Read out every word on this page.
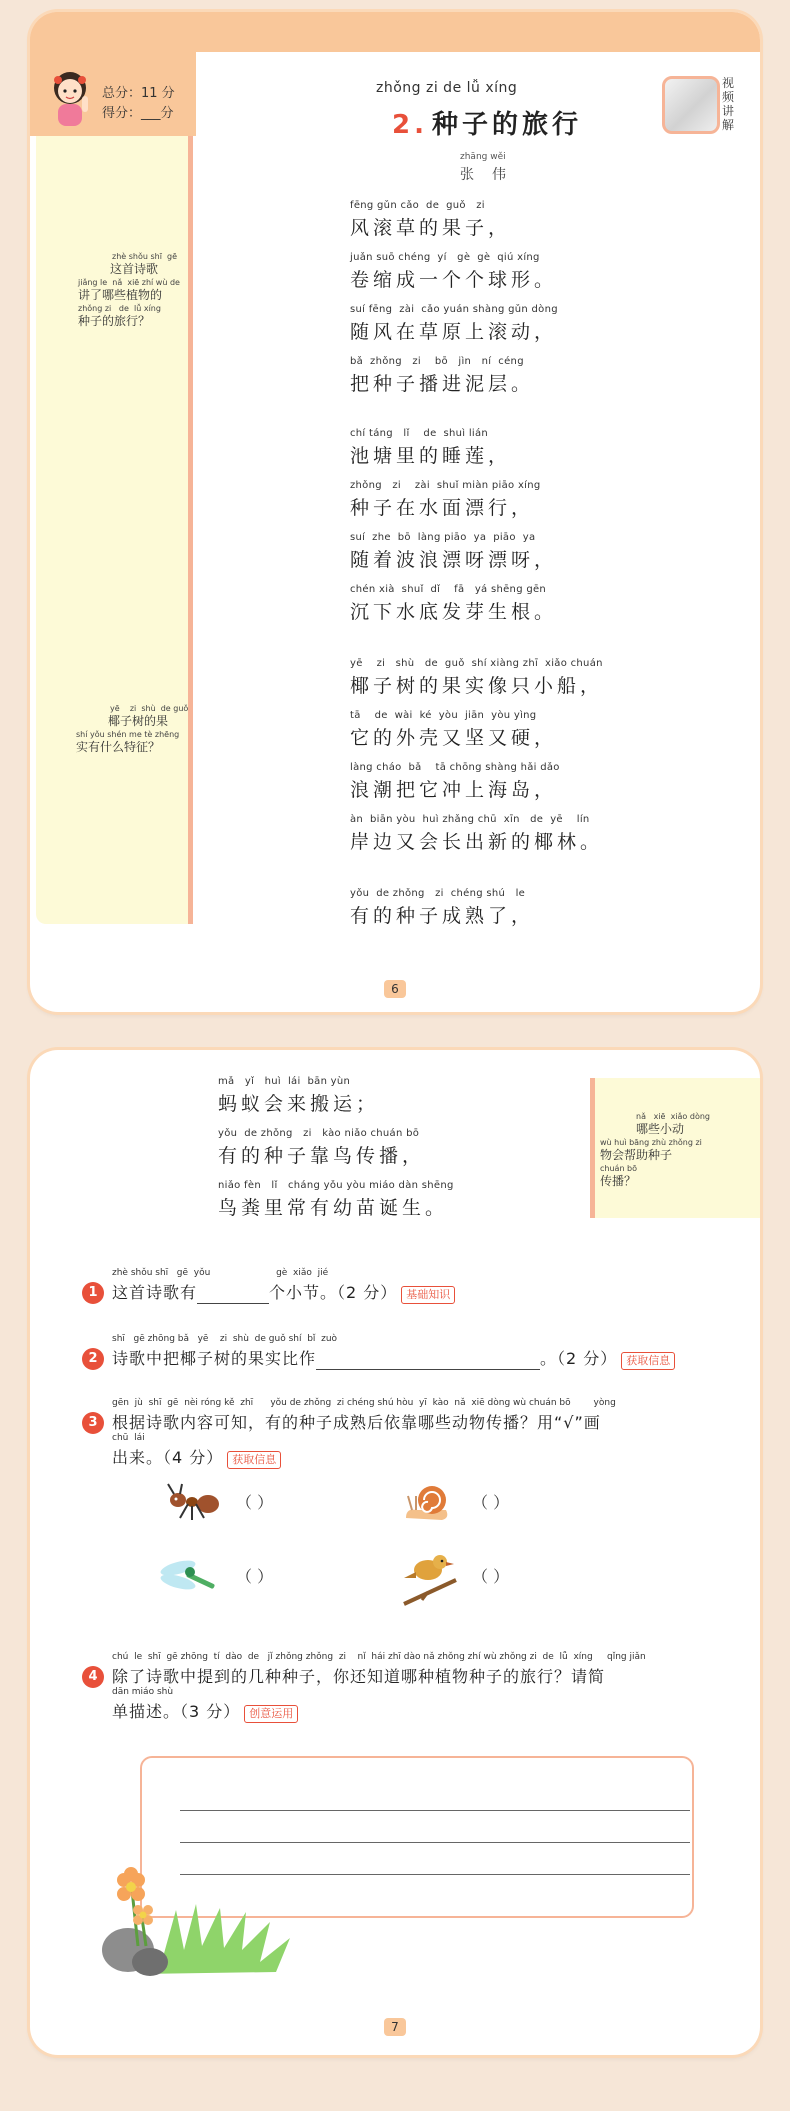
总分：11 分
得分：___分
zhè shǒu shī  gē
这首诗歌
jiǎng le  nǎ  xiē zhí wù de
讲了哪些植物的
zhǒng zi   de  lǚ xíng
种子的旅行？
yē    zi  shù  de guǒ
椰子树的果
shí yǒu shén me tè zhēng
实有什么特征？
zhǒng zi de lǚ xíng
2. 种子的旅行
zhāng wěi
张伟
视频讲解
fēng gǔn cǎo  de  guǒ   zi
风滚草的果子，
juǎn suō chéng  yí   gè  gè  qiú xíng
卷缩成一个个球形。
suí fēng  zài  cǎo yuán shàng gǔn dòng
随风在草原上滚动，
bǎ  zhǒng   zi    bō   jìn   ní  céng
把种子播进泥层。
chí táng   lǐ    de  shuì lián
池塘里的睡莲，
zhǒng   zi    zài  shuǐ miàn piāo xíng
种子在水面漂行，
suí  zhe  bō  làng piāo  ya  piāo  ya
随着波浪漂呀漂呀，
chén xià  shuǐ  dǐ    fā   yá shēng gēn
沉下水底发芽生根。
yē    zi   shù   de  guǒ  shí xiàng zhī  xiǎo chuán
椰子树的果实像只小船，
tā    de  wài  ké  yòu  jiān  yòu yìng
它的外壳又坚又硬，
làng cháo  bǎ    tā chōng shàng hǎi dǎo
浪潮把它冲上海岛，
àn  biān yòu  huì zhǎng chū  xīn   de  yē    lín
岸边又会长出新的椰林。
yǒu  de zhǒng   zi  chéng shú   le
有的种子成熟了，
6
mǎ   yǐ   huì  lái  bān yùn
蚂蚁会来搬运；
yǒu  de zhǒng   zi   kào niǎo chuán bō
有的种子靠鸟传播，
niǎo fèn   lǐ   cháng yǒu yòu miáo dàn shēng
鸟粪里常有幼苗诞生。
nǎ   xiē  xiǎo dòng
哪些小动
wù huì bāng zhù zhǒng zi
物会帮助种子
chuán bō
传播？
1
zhè shǒu shī   gē  yǒu                       gè  xiǎo  jié
这首诗歌有	个小节。（2 分） 基础知识
2
shī   gē zhōng bǎ   yē    zi  shù  de guǒ shí  bǐ  zuò
诗歌中把椰子树的果实比作	。（2 分） 获取信息
3
gēn  jù  shī  gē  nèi róng kě  zhī      yǒu de zhǒng  zi chéng shú hòu  yī  kào  nǎ  xiē dòng wù chuán bō        yòng
根据诗歌内容可知，有的种子成熟后依靠哪些动物传播？用“√”画
chū  lái
出来。（4 分） 获取信息
（ ）	（ ）
（ ）	（ ）
4
chú  le  shī  gē zhōng  tí  dào  de   jǐ zhǒng zhǒng  zi    nǐ  hái zhī dào nǎ zhǒng zhí wù zhǒng zi  de  lǚ  xíng     qǐng jiǎn
除了诗歌中提到的几种种子，你还知道哪种植物种子的旅行？请简
dān miáo shù
单描述。（3 分） 创意运用
7
